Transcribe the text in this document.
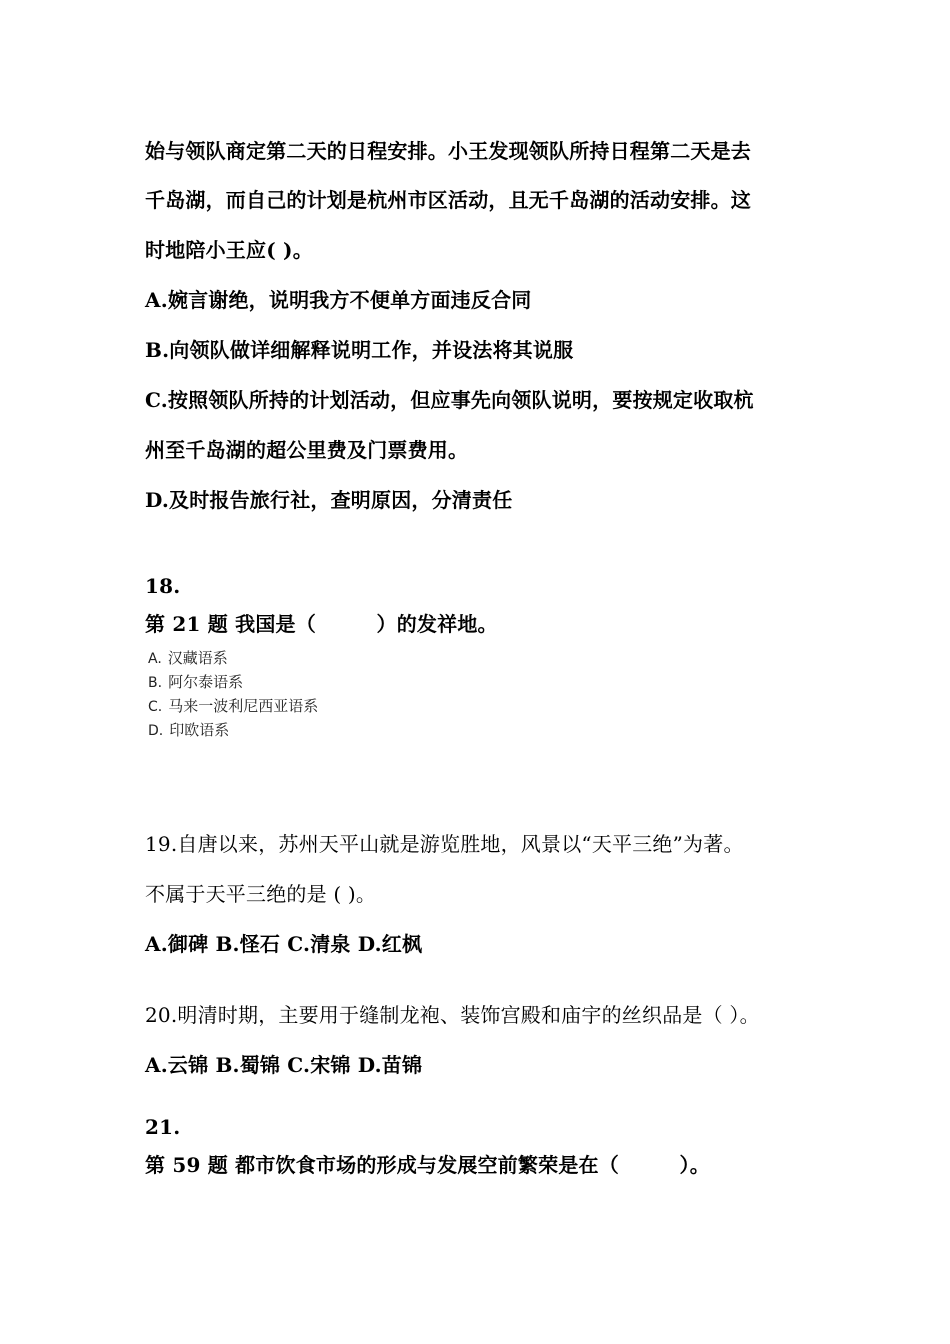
始与领队商定第二天的日程安排。小王发现领队所持日程第二天是去
千岛湖，而自己的计划是杭州市区活动，且无千岛湖的活动安排。这
时地陪小王应( )。
A.婉言谢绝，说明我方不便单方面违反合同
B.向领队做详细解释说明工作，并设法将其说服
C.按照领队所持的计划活动，但应事先向领队说明，要按规定收取杭
州至千岛湖的超公里费及门票费用。
D.及时报告旅行社，查明原因，分清责任
18.
第 21 题 我国是（　　　）的发祥地。
A. 汉藏语系
B. 阿尔泰语系
C. 马来一波利尼西亚语系
D. 印欧语系
19.自唐以来，苏州天平山就是游览胜地，风景以“天平三绝”为著。
不属于天平三绝的是 ( )。
A.御碑 B.怪石 C.清泉 D.红枫
20.明清时期，主要用于缝制龙袍、装饰宫殿和庙宇的丝织品是（ ）。
A.云锦 B.蜀锦 C.宋锦 D.苗锦
21.
第 59 题 都市饮食市场的形成与发展空前繁荣是在（　　　）。
